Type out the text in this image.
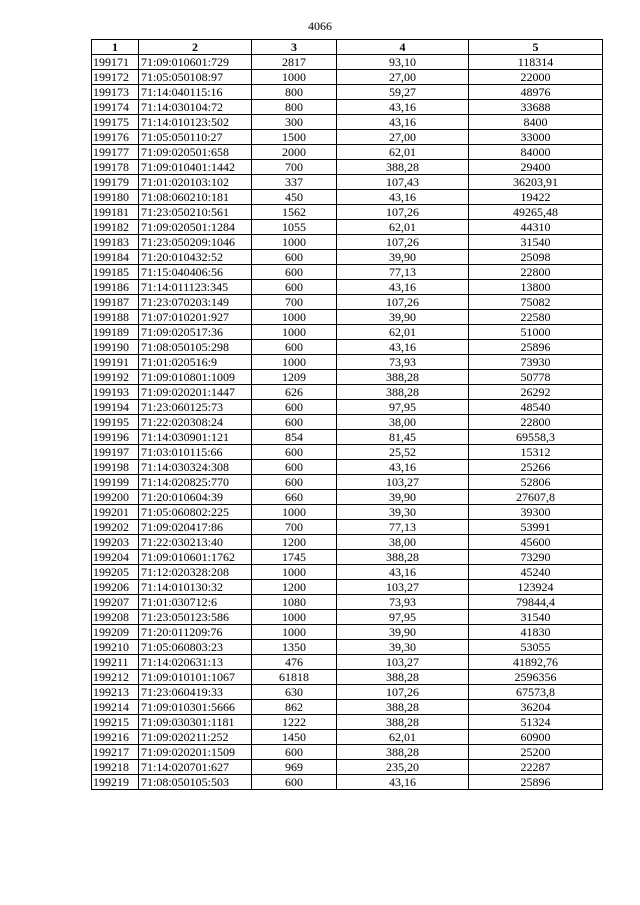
4066
1	2	3	4	5
199171	71:09:010601:729	2817	93,10	118314
199172	71:05:050108:97	1000	27,00	22000
199173	71:14:040115:16	800	59,27	48976
199174	71:14:030104:72	800	43,16	33688
199175	71:14:010123:502	300	43,16	8400
199176	71:05:050110:27	1500	27,00	33000
199177	71:09:020501:658	2000	62,01	84000
199178	71:09:010401:1442	700	388,28	29400
199179	71:01:020103:102	337	107,43	36203,91
199180	71:08:060210:181	450	43,16	19422
199181	71:23:050210:561	1562	107,26	49265,48
199182	71:09:020501:1284	1055	62,01	44310
199183	71:23:050209:1046	1000	107,26	31540
199184	71:20:010432:52	600	39,90	25098
199185	71:15:040406:56	600	77,13	22800
199186	71:14:011123:345	600	43,16	13800
199187	71:23:070203:149	700	107,26	75082
199188	71:07:010201:927	1000	39,90	22580
199189	71:09:020517:36	1000	62,01	51000
199190	71:08:050105:298	600	43,16	25896
199191	71:01:020516:9	1000	73,93	73930
199192	71:09:010801:1009	1209	388,28	50778
199193	71:09:020201:1447	626	388,28	26292
199194	71:23:060125:73	600	97,95	48540
199195	71:22:020308:24	600	38,00	22800
199196	71:14:030901:121	854	81,45	69558,3
199197	71:03:010115:66	600	25,52	15312
199198	71:14:030324:308	600	43,16	25266
199199	71:14:020825:770	600	103,27	52806
199200	71:20:010604:39	660	39,90	27607,8
199201	71:05:060802:225	1000	39,30	39300
199202	71:09:020417:86	700	77,13	53991
199203	71:22:030213:40	1200	38,00	45600
199204	71:09:010601:1762	1745	388,28	73290
199205	71:12:020328:208	1000	43,16	45240
199206	71:14:010130:32	1200	103,27	123924
199207	71:01:030712:6	1080	73,93	79844,4
199208	71:23:050123:586	1000	97,95	31540
199209	71:20:011209:76	1000	39,90	41830
199210	71:05:060803:23	1350	39,30	53055
199211	71:14:020631:13	476	103,27	41892,76
199212	71:09:010101:1067	61818	388,28	2596356
199213	71:23:060419:33	630	107,26	67573,8
199214	71:09:010301:5666	862	388,28	36204
199215	71:09:030301:1181	1222	388,28	51324
199216	71:09:020211:252	1450	62,01	60900
199217	71:09:020201:1509	600	388,28	25200
199218	71:14:020701:627	969	235,20	22287
199219	71:08:050105:503	600	43,16	25896
